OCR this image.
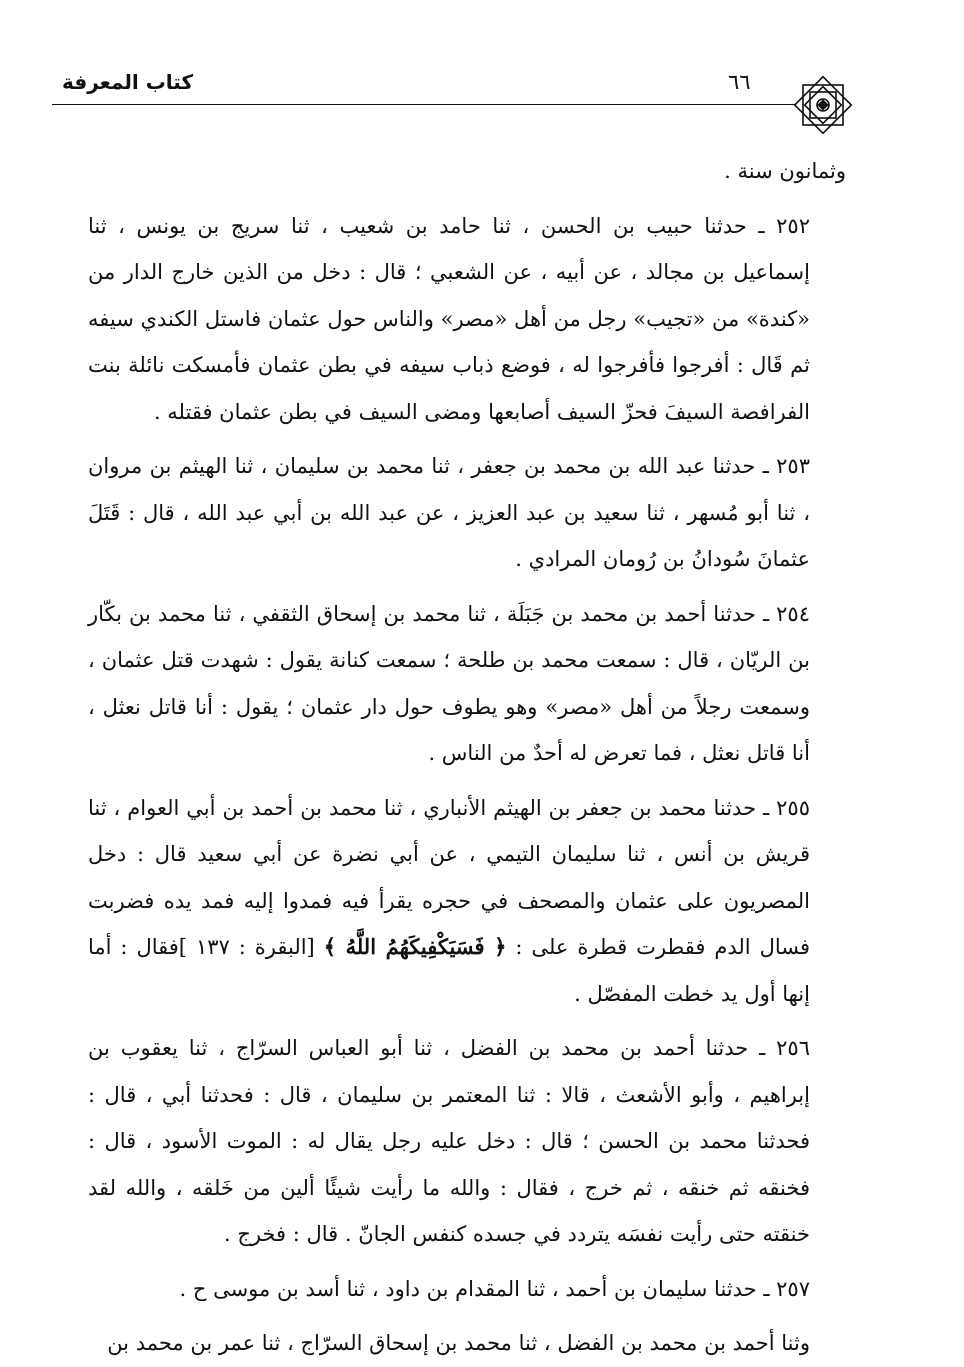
كتاب المعرفة	٦٦

وثمانون سنة .

٢٥٢ ـ حدثنا حبيب بن الحسن ، ثنا حامد بن شعيب ، ثنا سريج بن يونس ، ثنا إسماعيل بن مجالد ، عن أبيه ، عن الشعبي ؛ قال : دخل من الذين خارج الدار من «كندة» من «تجيب» رجل من أهل «مصر» والناس حول عثمان فاستل الكندي سيفه ثم قَال : أفرجوا فأفرجوا له ، فوضع ذباب سيفه في بطن عثمان فأمسكت نائلة بنت الفرافصة السيفَ فحزّ السيف أصابعها ومضى السيف في بطن عثمان فقتله .

٢٥٣ ـ حدثنا عبد الله بن محمد بن جعفر ، ثنا محمد بن سليمان ، ثنا الهيثم بن مروان ، ثنا أبو مُسهر ، ثنا سعيد بن عبد العزيز ، عن عبد الله بن أبي عبد الله ، قال : قَتَلَ عثمانَ سُودانُ بن رُومان المرادي .

٢٥٤ ـ حدثنا أحمد بن محمد بن جَبَلَة ، ثنا محمد بن إسحاق الثقفي ، ثنا محمد بن بكّار بن الريّان ، قال : سمعت محمد بن طلحة ؛ سمعت كنانة يقول : شهدت قتل عثمان ، وسمعت رجلاً من أهل «مصر» وهو يطوف حول دار عثمان ؛ يقول : أنا قاتل نعثل ، أنا قاتل نعثل ، فما تعرض له أحدٌ من الناس .

٢٥٥ ـ حدثنا محمد بن جعفر بن الهيثم الأنباري ، ثنا محمد بن أحمد بن أبي العوام ، ثنا قريش بن أنس ، ثنا سليمان التيمي ، عن أبي نضرة عن أبي سعيد قال : دخل المصريون على عثمان والمصحف في حجره يقرأ فيه فمدوا إليه فمد يده فضربت فسال الدم فقطرت قطرة على : ﴿ فَسَيَكْفِيكَهُمُ اللَّهُ ﴾ [البقرة : ١٣٧ ]فقال : أما إنها أول يد خطت المفصّل .

٢٥٦ ـ حدثنا أحمد بن محمد بن الفضل ، ثنا أبو العباس السرّاج ، ثنا يعقوب بن إبراهيم ، وأبو الأشعث ، قالا : ثنا المعتمر بن سليمان ، قال : فحدثنا أبي ، قال : فحدثنا محمد بن الحسن ؛ قال : دخل عليه رجل يقال له : الموت الأسود ، قال : فخنقه ثم خنقه ، ثم خرج ، فقال : والله ما رأيت شيئًا ألين من خَلقه ، والله لقد خنقته حتى رأيت نفسَه يتردد في جسده كنفس الجانّ . قال : فخرج .

٢٥٧ ـ حدثنا سليمان بن أحمد ، ثنا المقدام بن داود ، ثنا أسد بن موسى ح .

وثنا أحمد بن محمد بن الفضل ، ثنا محمد بن إسحاق السرّاج ، ثنا عمر بن محمد بن
